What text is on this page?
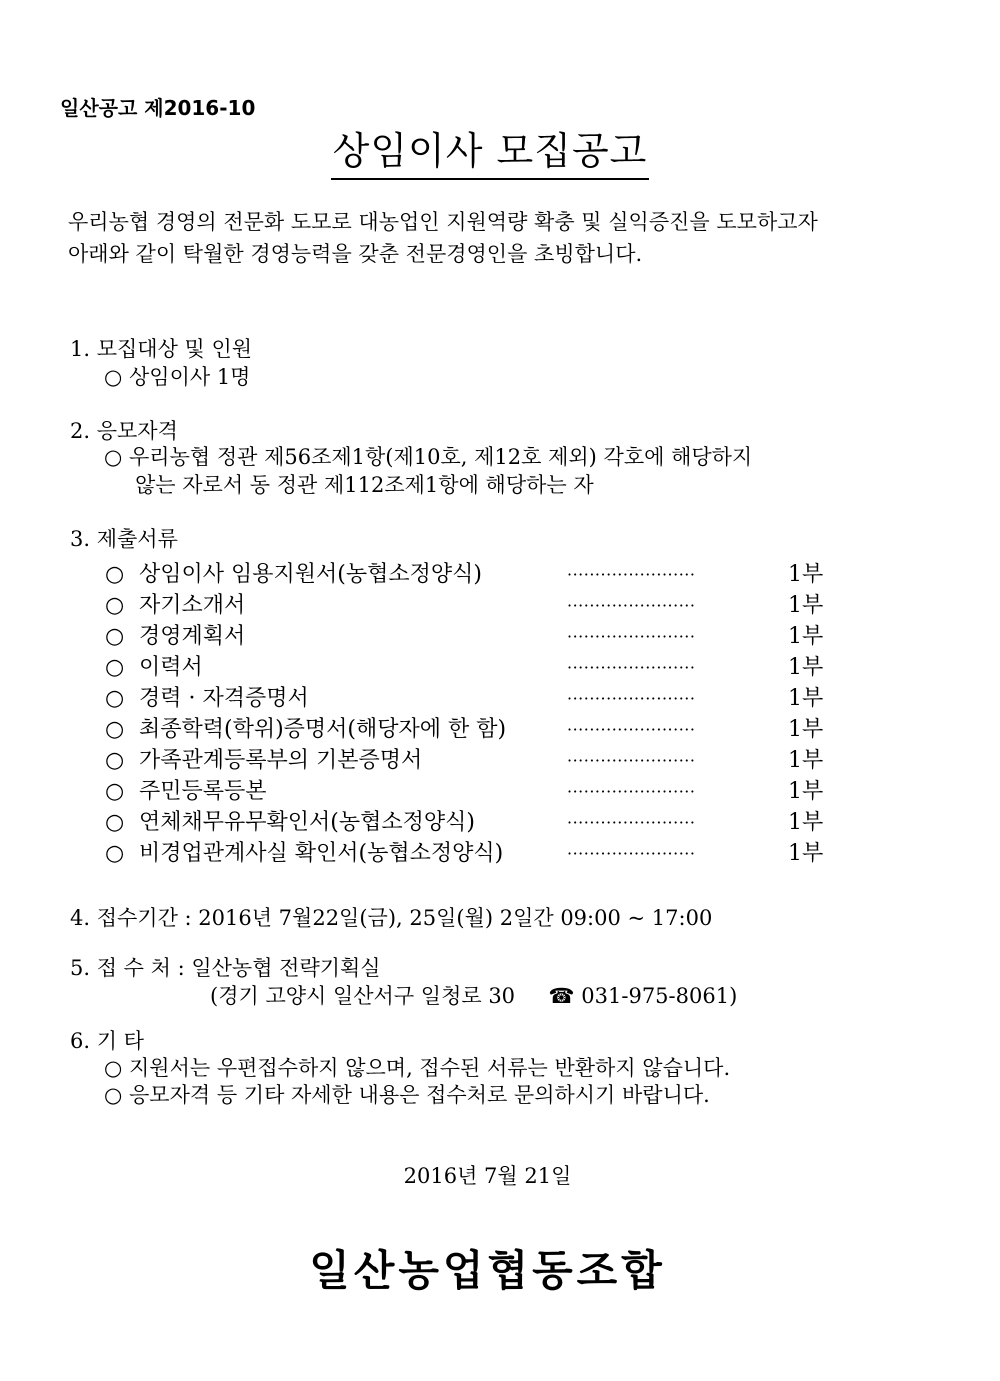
일산공고 제2016-10
상임이사 모집공고
우리농협 경영의 전문화 도모로 대농업인 지원역량 확충 및 실익증진을 도모하고자
아래와 같이 탁월한 경영능력을 갖춘 전문경영인을 초빙합니다.
1. 모집대상 및 인원
○ 상임이사 1명
2. 응모자격
○ 우리농협 정관 제56조제1항(제10호, 제12호 제외) 각호에 해당하지
않는 자로서 동 정관 제112조제1항에 해당하는 자
3. 제출서류
○ 상임이사 임용지원서(농협소정양식)	·······················	1부
○ 자기소개서	·······················	1부
○ 경영계획서	·······················	1부
○ 이력서	·······················	1부
○ 경력 · 자격증명서	·······················	1부
○ 최종학력(학위)증명서(해당자에 한 함)	·······················	1부
○ 가족관계등록부의 기본증명서	·······················	1부
○ 주민등록등본	·······················	1부
○ 연체채무유무확인서(농협소정양식)	·······················	1부
○ 비경업관계사실 확인서(농협소정양식)	·······················	1부
4. 접수기간 : 2016년 7월22일(금), 25일(월) 2일간 09:00 ~ 17:00
5. 접 수 처 : 일산농협 전략기획실
(경기 고양시 일산서구 일청로 30 ☎ 031-975-8061)
6. 기 타
○ 지원서는 우편접수하지 않으며, 접수된 서류는 반환하지 않습니다.
○ 응모자격 등 기타 자세한 내용은 접수처로 문의하시기 바랍니다.
2016년 7월 21일
일산농업협동조합
